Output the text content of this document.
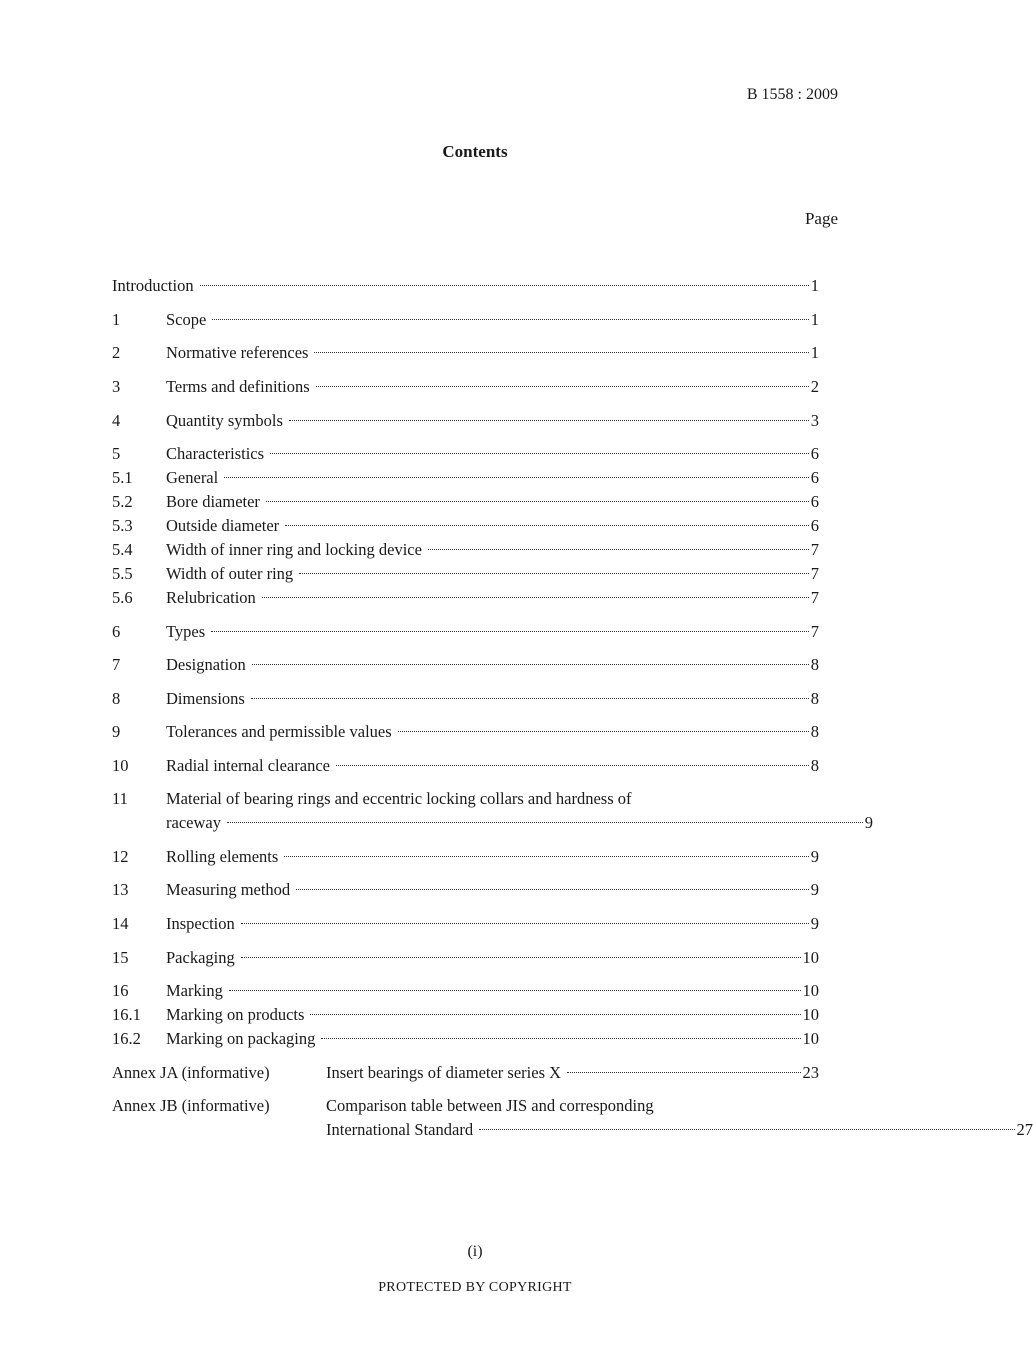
B 1558 : 2009
Contents
Page
Introduction	1
1	Scope	1
2	Normative references	1
3	Terms and definitions	2
4	Quantity symbols	3
5	Characteristics	6
5.1	General	6
5.2	Bore diameter	6
5.3	Outside diameter	6
5.4	Width of inner ring and locking device	7
5.5	Width of outer ring	7
5.6	Relubrication	7
6	Types	7
7	Designation	8
8	Dimensions	8
9	Tolerances and permissible values	8
10	Radial internal clearance	8
11	Material of bearing rings and eccentric locking collars and hardness of
raceway	9
12	Rolling elements	9
13	Measuring method	9
14	Inspection	9
15	Packaging	10
16	Marking	10
16.1	Marking on products	10
16.2	Marking on packaging	10
Annex JA (informative)	Insert bearings of diameter series X	23
Annex JB (informative)	Comparison table between JIS and corresponding
International Standard	27
(i)
PROTECTED BY COPYRIGHT
